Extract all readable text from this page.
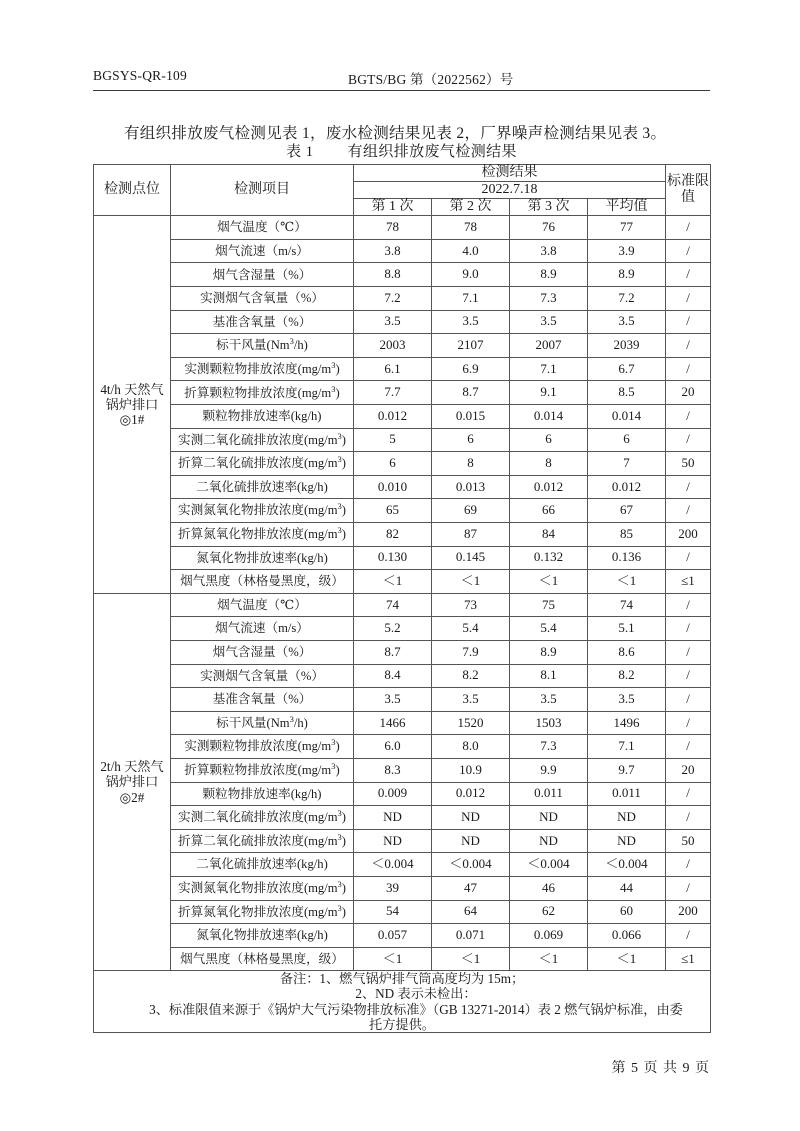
BGSYS-QR-109	BGTS/BG 第（2022562）号

有组织排放废气检测见表 1，废水检测结果见表 2，厂界噪声检测结果见表 3。

表 1 有组织排放废气检测结果
检测点位	检测项目	检测结果				标准限值
		2022.7.18				
		第 1 次	第 2 次	第 3 次	平均值	

4t/h 天然气
锅炉排口
◎1#	烟气温度（℃）	78	78	76	77	/
	烟气流速（m/s）	3.8	4.0	3.8	3.9	/
	烟气含湿量（%）	8.8	9.0	8.9	8.9	/
	实测烟气含氧量（%）	7.2	7.1	7.3	7.2	/
	基准含氧量（%）	3.5	3.5	3.5	3.5	/
	标干风量(Nm$^3$/h)	2003	2107	2007	2039	/
	实测颗粒物排放浓度$(mg/m^3)$	6.1	6.9	7.1	6.7	/
	折算颗粒物排放浓度$(mg/m^3)$	7.7	8.7	9.1	8.5	20
	颗粒物排放速率(kg/h)	0.012	0.015	0.014	0.014	/
	实测二氧化硫排放浓度$(mg/m^3)$	5	6	6	6	/
	折算二氧化硫排放浓度$(mg/m^3)$	6	8	8	7	50
	二氧化硫排放速率(kg/h)	0.010	0.013	0.012	0.012	/
	实测氮氧化物排放浓度$(mg/m^3)$	65	69	66	67	/
	折算氮氧化物排放浓度$(mg/m^3)$	82	87	84	85	200
	氮氧化物排放速率(kg/h)	0.130	0.145	0.132	0.136	/
	烟气黑度（林格曼黑度，级）	＜1	＜1	＜1	＜1	≤1

2t/h 天然气
锅炉排口
◎2#	烟气温度（℃）	74	73	75	74	/
	烟气流速（m/s）	5.2	5.4	5.4	5.1	/
	烟气含湿量（%）	8.7	7.9	8.9	8.6	/
	实测烟气含氧量（%）	8.4	8.2	8.1	8.2	/
	基准含氧量（%）	3.5	3.5	3.5	3.5	/
	标干风量(Nm$^3$/h)	1466	1520	1503	1496	/
	实测颗粒物排放浓度$(mg/m^3)$	6.0	8.0	7.3	7.1	/
	折算颗粒物排放浓度$(mg/m^3)$	8.3	10.9	9.9	9.7	20
	颗粒物排放速率(kg/h)	0.009	0.012	0.011	0.011	/
	实测二氧化硫排放浓度$(mg/m^3)$	ND	ND	ND	ND	/
	折算二氧化硫排放浓度$(mg/m^3)$	ND	ND	ND	ND	50
	二氧化硫排放速率(kg/h)	＜0.004	＜0.004	＜0.004	＜0.004	/
	实测氮氧化物排放浓度$(mg/m^3)$	39	47	46	44	/
	折算氮氧化物排放浓度$(mg/m^3)$	54	64	62	60	200
	氮氧化物排放速率(kg/h)	0.057	0.071	0.069	0.066	/
	烟气黑度（林格曼黑度，级）	＜1	＜1	＜1	＜1	≤1

备注：1、燃气锅炉排气筒高度均为 15m；
2、ND 表示未检出：
3、标准限值来源于《锅炉大气污染物排放标准》（GB 13271-2014）表 2 燃气锅炉标准，由委
托方提供。						
第 5 页 共 9 页
